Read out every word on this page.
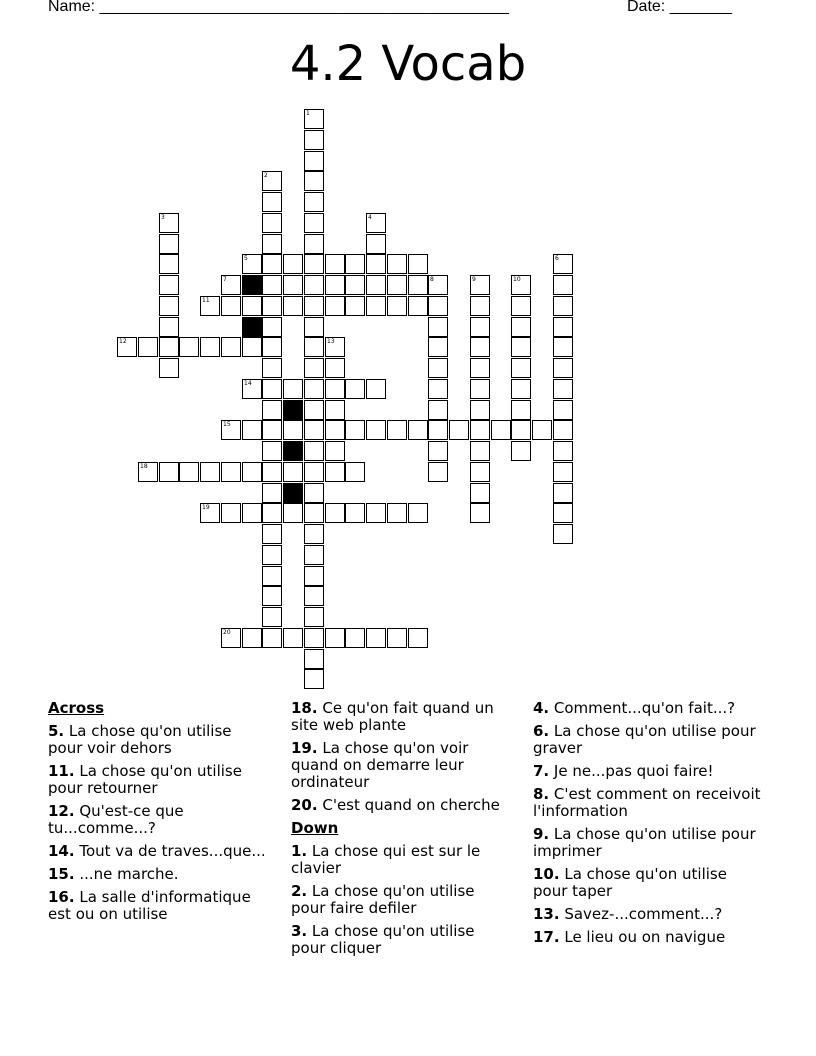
Name: ______________________________________________	Date: _______
4.2 Vocab
1
2
3	4
5	6
7	8	9	10
11
12	13
14
15
18
19
20
Across
5. La chose qu'on utilise pour voir dehors
11. La chose qu'on utilise pour retourner
12. Qu'est-ce que tu...comme...?
14. Tout va de traves...que...
15. ...ne marche.
16. La salle d'informatique est ou on utilise
18. Ce qu'on fait quand un site web plante
19. La chose qu'on voir quand on demarre leur ordinateur
20. C'est quand on cherche
Down
1. La chose qui est sur le clavier
2. La chose qu'on utilise pour faire defiler
3. La chose qu'on utilise pour cliquer
4. Comment...qu'on fait...?
6. La chose qu'on utilise pour graver
7. Je ne...pas quoi faire!
8. C'est comment on receivoit l'information
9. La chose qu'on utilise pour imprimer
10. La chose qu'on utilise pour taper
13. Savez-...comment...?
17. Le lieu ou on navigue
